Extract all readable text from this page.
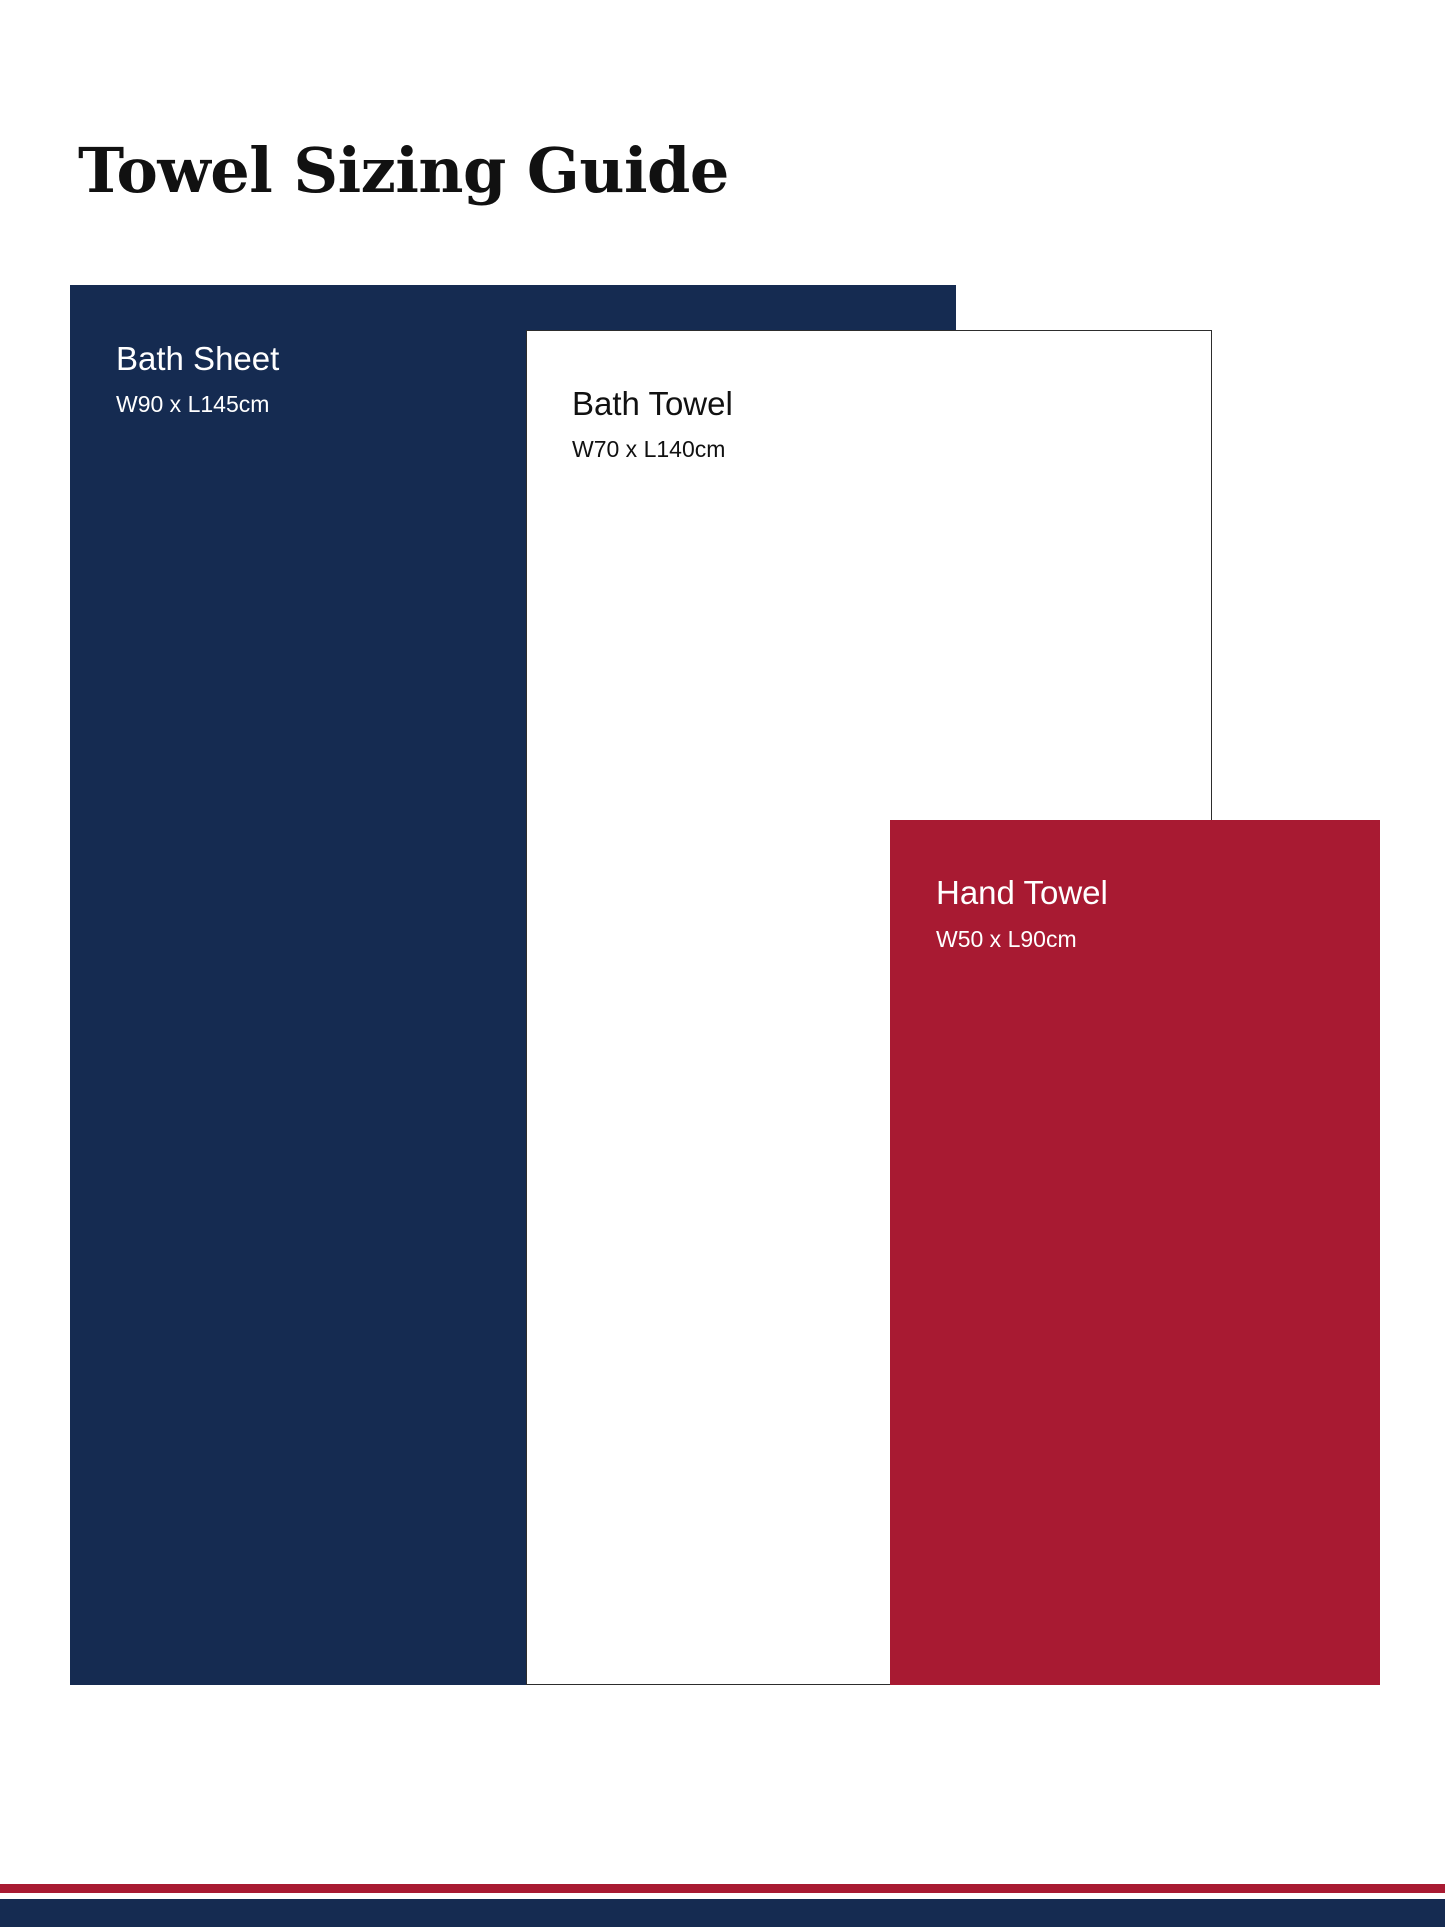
Towel Sizing Guide
Bath Sheet
W90 x L145cm	Bath Towel
W70 x L140cm
Hand Towel
W50 x L90cm
